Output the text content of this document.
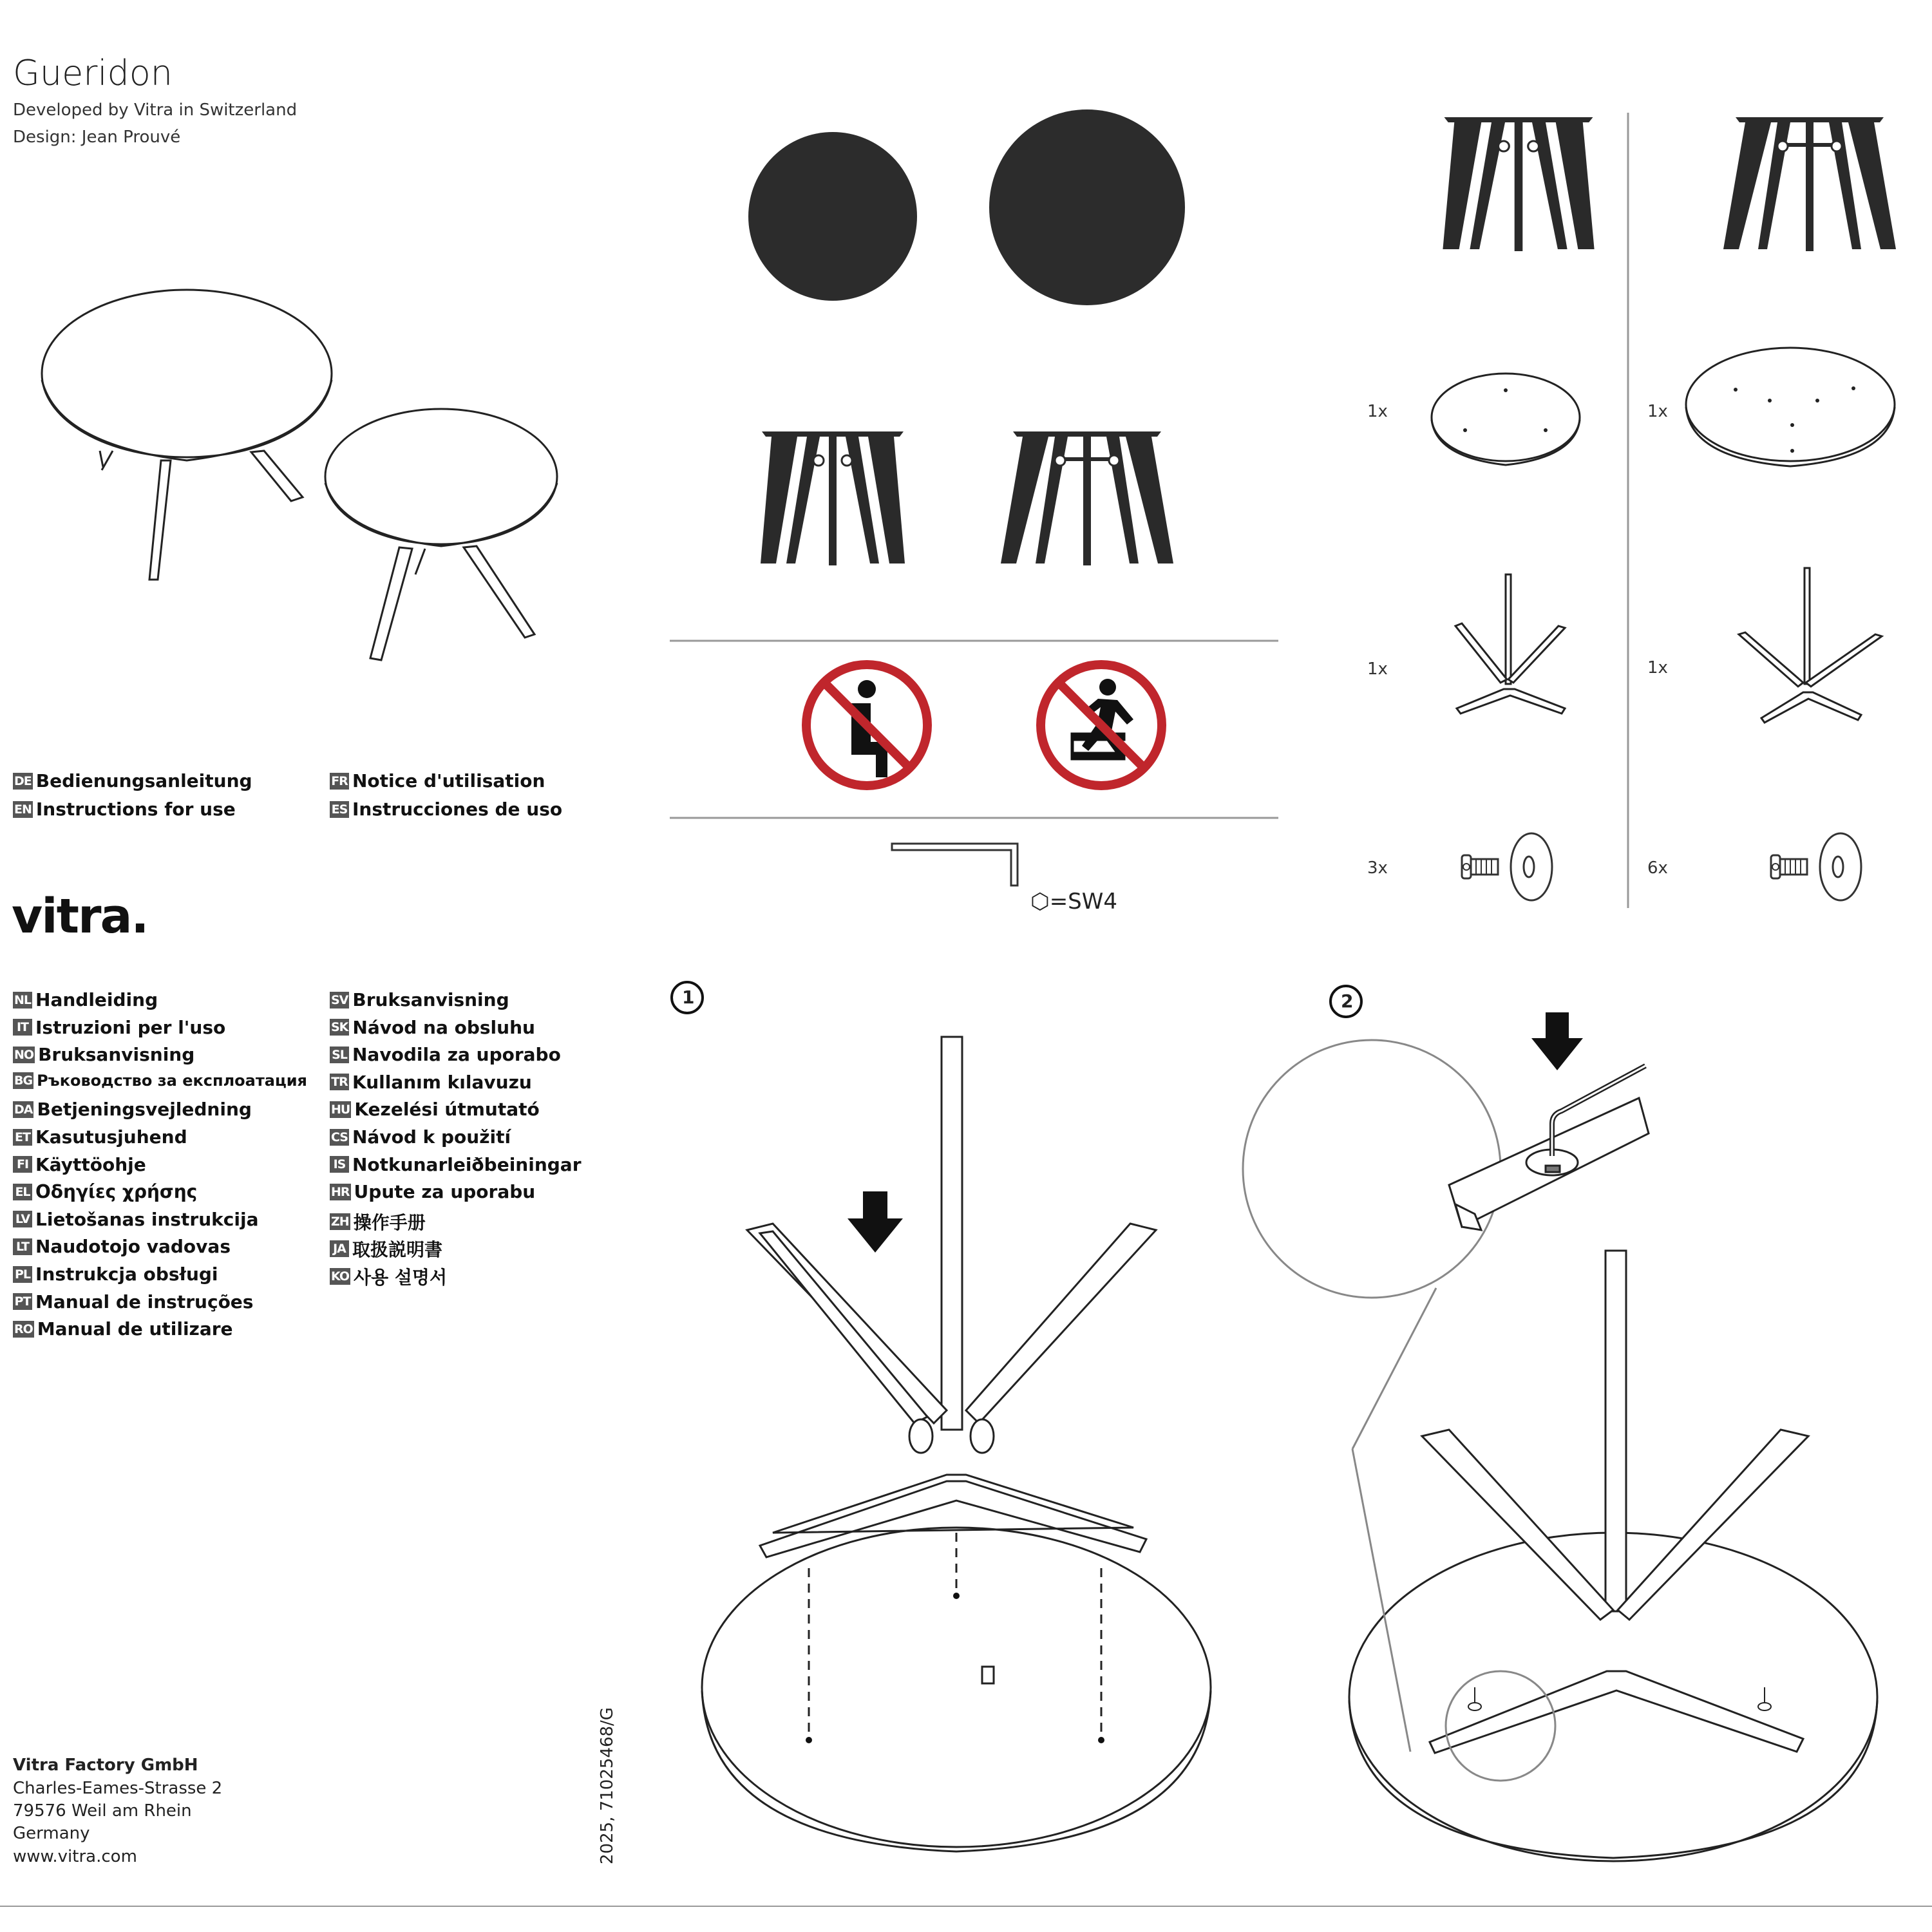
Gueridon
Developed by Vitra in Switzerland
Design: Jean Prouvé
DE Bedienungsanleitung
EN Instructions for use
FR Notice d'utilisation
ES Instrucciones de uso
vitra.
NL Handleiding
IT Istruzioni per l'uso
NO Bruksanvisning
BG Ръководство за експлоатация
DA Betjeningsvejledning
ET Kasutusjuhend
FI Käyttöohje
EL Οδηγίες χρήσης
LV Lietošanas instrukcija
LT Naudotojo vadovas
PL Instrukcja obsługi
PT Manual de instruções
RO Manual de utilizare
SV Bruksanvisning
SK Návod na obsluhu
SL Navodila za uporabo
TR Kullanım kılavuzu
HU Kezelési útmutató
CS Návod k použití
IS Notkunarleiðbeiningar
HR Upute za uporabu
ZH 操作手册
JA 取扱説明書
KO 사용 설명서
Vitra Factory GmbH
Charles-Eames-Strasse 2
79576 Weil am Rhein
Germany
www.vitra.com	2025, 71025468/G
1x
1x
3x
1x
1x
6x
⬡=SW4
1	2
